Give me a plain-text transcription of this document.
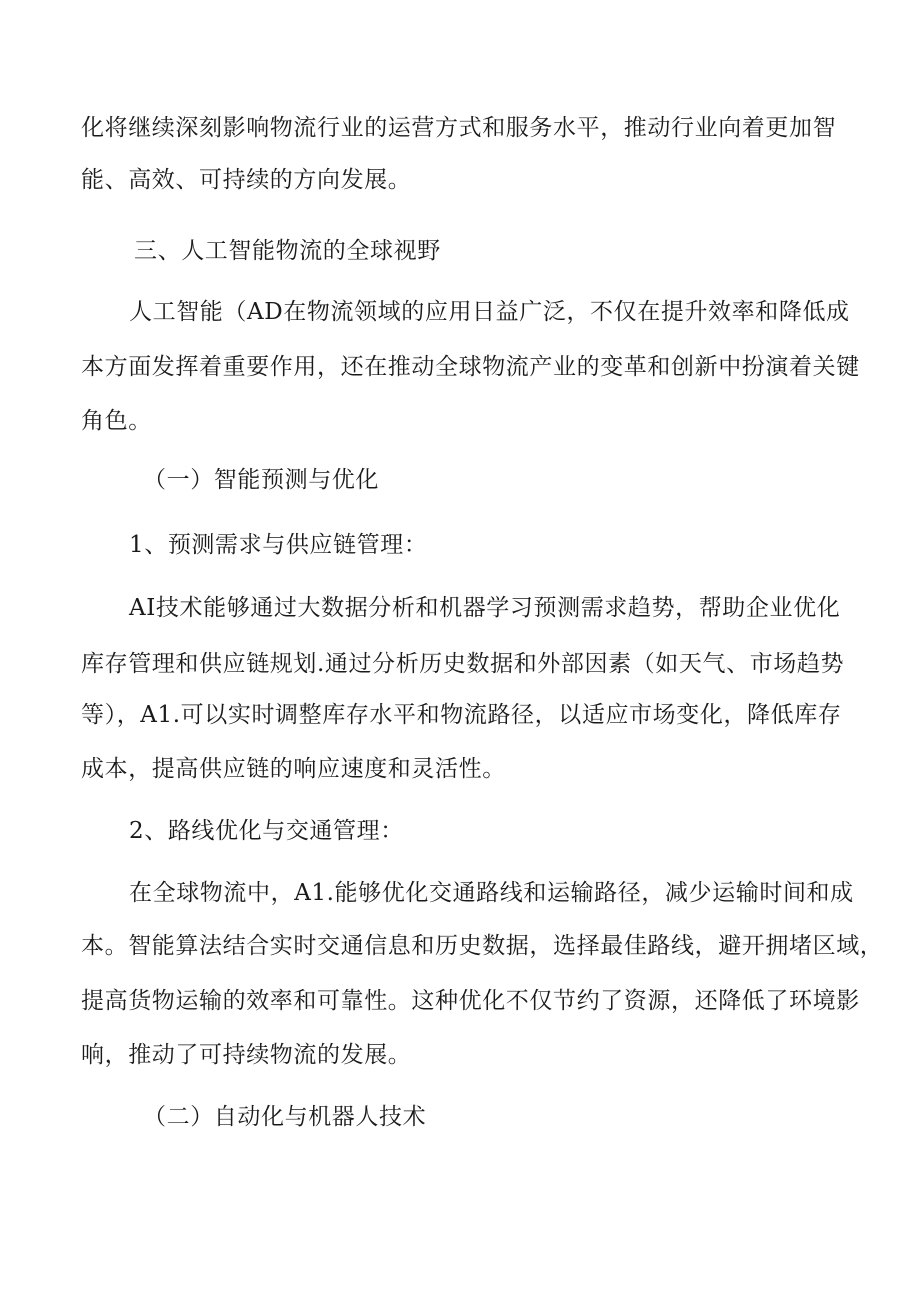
化将继续深刻影响物流行业的运营方式和服务水平，推动行业向着更加智
能、高效、可持续的方向发展。
三、人工智能物流的全球视野
人工智能（AD在物流领域的应用日益广泛，不仅在提升效率和降低成
本方面发挥着重要作用，还在推动全球物流产业的变革和创新中扮演着关键
角色。
（一）智能预测与优化
1、预测需求与供应链管理：
AI技术能够通过大数据分析和机器学习预测需求趋势，帮助企业优化
库存管理和供应链规划.通过分析历史数据和外部因素（如天气、市场趋势
等），A1.可以实时调整库存水平和物流路径，以适应市场变化，降低库存
成本，提高供应链的响应速度和灵活性。
2、路线优化与交通管理：
在全球物流中，A1.能够优化交通路线和运输路径，减少运输时间和成
本。智能算法结合实时交通信息和历史数据，选择最佳路线，避开拥堵区域，
提高货物运输的效率和可靠性。这种优化不仅节约了资源，还降低了环境影
响，推动了可持续物流的发展。
（二）自动化与机器人技术
